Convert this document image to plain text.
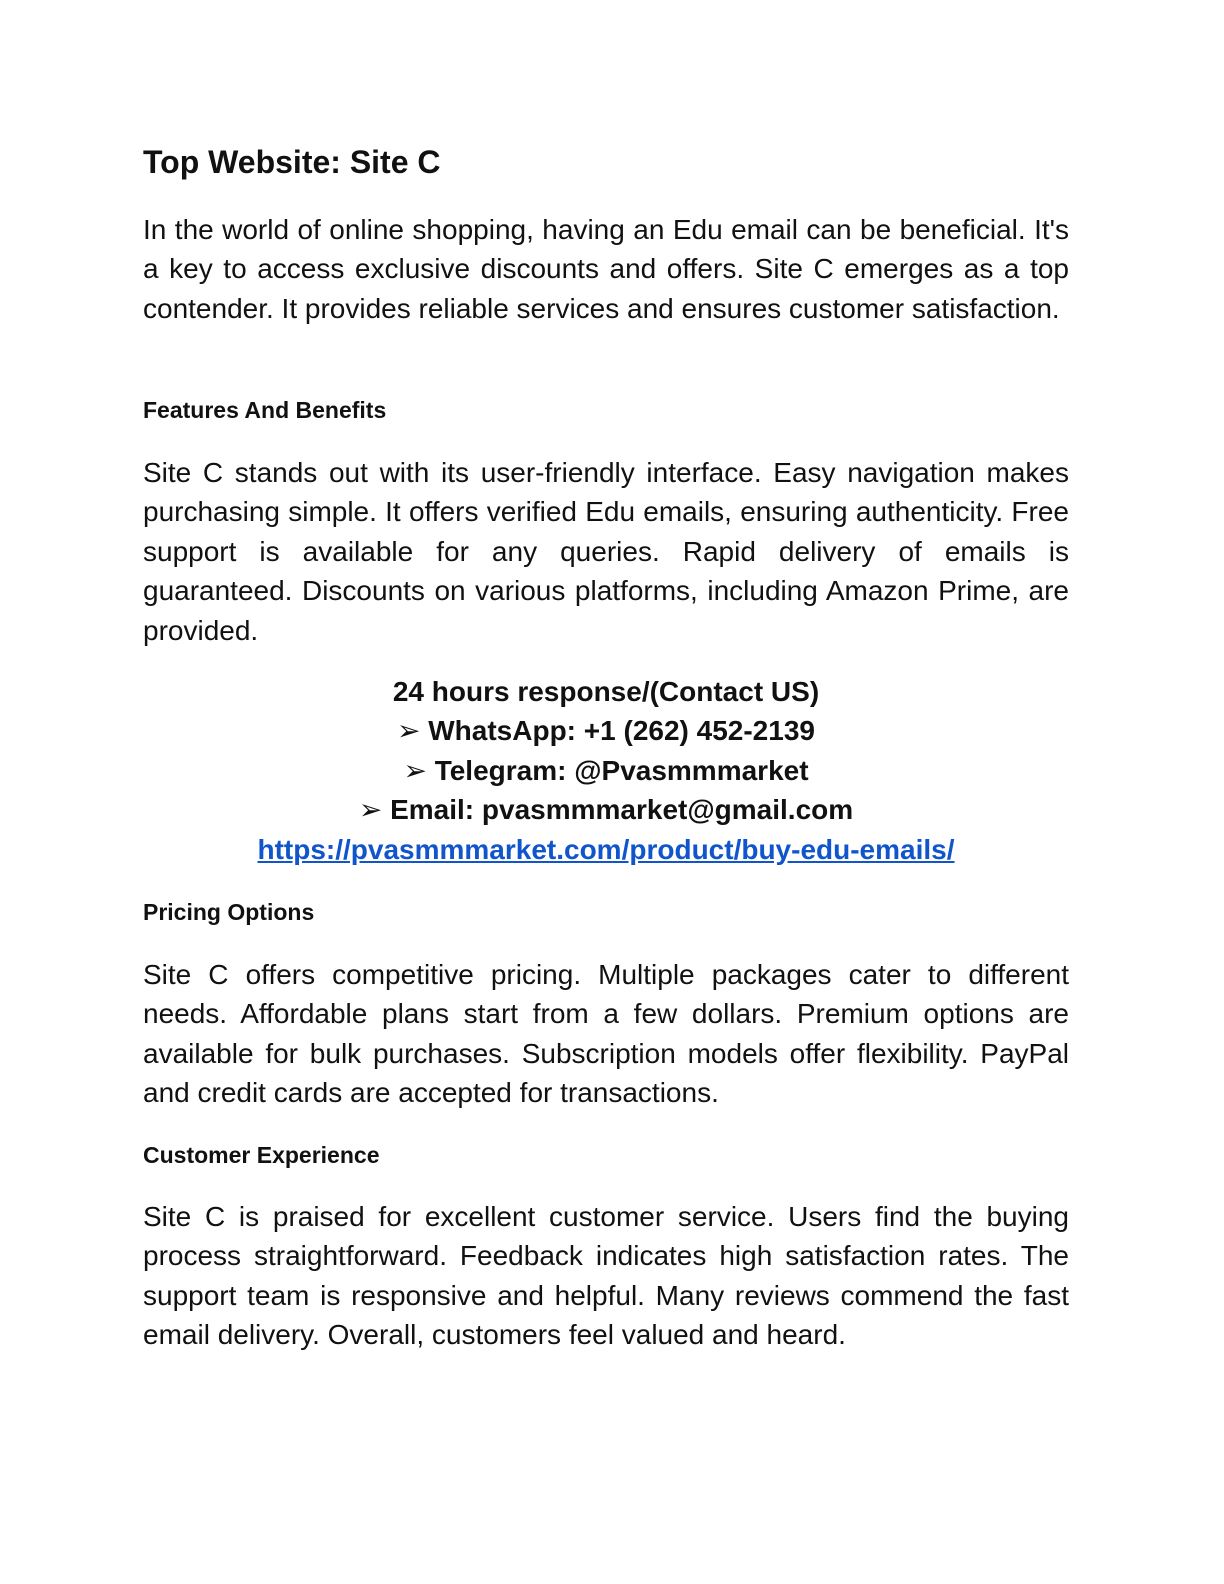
Top Website: Site C

In the world of online shopping, having an Edu email can be beneficial. It's a key to access exclusive discounts and offers. Site C emerges as a top contender. It provides reliable services and ensures customer satisfaction.

Features And Benefits

Site C stands out with its user-friendly interface. Easy navigation makes purchasing simple. It offers verified Edu emails, ensuring authenticity. Free support is available for any queries. Rapid delivery of emails is guaranteed. Discounts on various platforms, including Amazon Prime, are provided.

24 hours response/(Contact US)
➢ WhatsApp: +1 (262) 452-2139
➢ Telegram: @Pvasmmmarket
➢ Email: pvasmmmarket@gmail.com
https://pvasmmmarket.com/product/buy-edu-emails/
Pricing Options

Site C offers competitive pricing. Multiple packages cater to different needs. Affordable plans start from a few dollars. Premium options are available for bulk purchases. Subscription models offer flexibility. PayPal and credit cards are accepted for transactions.

Customer Experience

Site C is praised for excellent customer service. Users find the buying process straightforward. Feedback indicates high satisfaction rates. The support team is responsive and helpful. Many reviews commend the fast email delivery. Overall, customers feel valued and heard.
